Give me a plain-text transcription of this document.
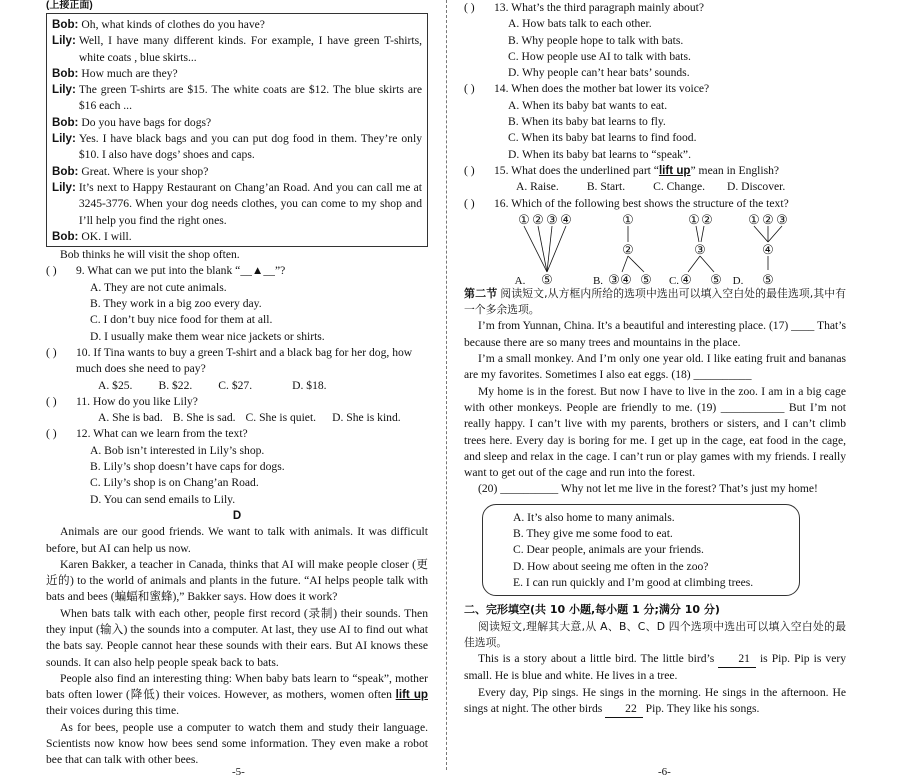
(上接正面)
Bob: Oh, what kinds of clothes do you have?
Lily: Well, I have many different kinds. For example, I have green T-shirts, white coats , blue skirts...
Bob: How much are they?
Lily: The green T-shirts are $15. The white coats are $12. The blue skirts are $16 each ...
Bob: Do you have bags for dogs?
Lily: Yes. I have black bags and you can put dog food in them. They’re only $10. I also have dogs’ shoes and caps.
Bob: Great. Where is your shop?
Lily: It’s next to Happy Restaurant on Chang’an Road. And you can call me at 3245-3776. When your dog needs clothes, you can come to my shop and I’ll help you find the right ones.
Bob: OK. I will.
Bob thinks he will visit the shop often.
( )	9. What can we put into the blank “__▲__”?
A. They are not cute animals.
B. They work in a big zoo every day.
C. I don’t buy nice food for them at all.
D. I usually make them wear nice jackets or shirts.
( )	10. If Tina wants to buy a green T-shirt and a black bag for her dog, how much does she need to pay?
A. $25. B. $22. C. $27.	D. $18.
( )	11. How do you like Lily?
A. She is bad. B. She is sad. C. She is quiet. D. She is kind.
( )	12. What can we learn from the text?
A. Bob isn’t interested in Lily’s shop.
B. Lily’s shop doesn’t have caps for dogs.
C. Lily’s shop is on Chang’an Road.
D. You can send emails to Lily.
D
Animals are our good friends. We want to talk with animals. It was difficult before, but AI can help us now.
Karen Bakker, a teacher in Canada, thinks that AI will make people closer (更近的) to the world of animals and plants in the future. “AI helps people talk with bats and bees (蝙蝠和蜜蜂),” Bakker says. How does it work?
When bats talk with each other, people first record (录制) their sounds. Then they input (输入) the sounds into a computer. At last, they use AI to find out what the bats say. People cannot hear these sounds with their ears. But AI knows these sounds. It can also help people speak back to bats.
People also find an interesting thing: When baby bats learn to “speak”, mother bats often lower (降低) their voices. However, as mothers, women often lift up their voices during this time.
As for bees, people use a computer to watch them and study their language. Scientists now know how bees send some information. They even make a robot bee that can talk with other bees.
-5-	-6-
( )	13. What’s the third paragraph mainly about?
A. How bats talk to each other.
B. Why people hope to talk with bats.
C. How people use AI to talk with bats.
D. Why people can’t hear bats’ sounds.
( )	14. When does the mother bat lower its voice?
A. When its baby bat wants to eat.
B. When its baby bat learns to fly.
C. When its baby bat learns to find food.
D. When its baby bat learns to “speak”.
( )	15. What does the underlined part “lift up” mean in English?
A. Raise. B. Start. C. Change. D. Discover.
( )	16. Which of the following best shows the structure of the text?
① ② ③ ④
⑤
A.
①
②
③ ④ ⑤
B.
① ②
③
④ ⑤
C.
① ② ③
④
⑤
D.
第二节 阅读短文,从方框内所给的选项中选出可以填入空白处的最佳选项,其中有一个多余选项。
I’m from Yunnan, China. It’s a beautiful and interesting place. (17) ____ That’s because there are so many trees and mountains in the place.
I’m a small monkey. And I’m only one year old. I like eating fruit and bananas are my favorites. Sometimes I also eat eggs. (18) __________
My home is in the forest. But now I have to live in the zoo. I am in a big cage with other monkeys. People are friendly to me. (19) ___________ But I’m not really happy. I can’t live with my parents, brothers or sisters, and I can’t climb trees here. Every day is boring for me. I get up in the cage, eat food in the cage, and sleep and relax in the cage. I can’t run or play games with my friends. I really want to get out of the cage and run into the forest.
(20) __________ Why not let me live in the forest? That’s just my home!
A. It’s also home to many animals.
B. They give me some food to eat.
C. Dear people, animals are your friends.
D. How about seeing me often in the zoo?
E. I can run quickly and I’m good at climbing trees.
二、完形填空(共 10 小题,每小题 1 分;满分 10 分)
阅读短文,理解其大意,从 A、B、C、D 四个选项中选出可以填入空白处的最佳选项。
This is a story about a little bird. The little bird’s 21 is Pip. Pip is very small. He is blue and white. He lives in a tree.
Every day, Pip sings. He sings in the morning. He sings in the afternoon. He sings at night. The other birds 22 Pip. They like his songs.
